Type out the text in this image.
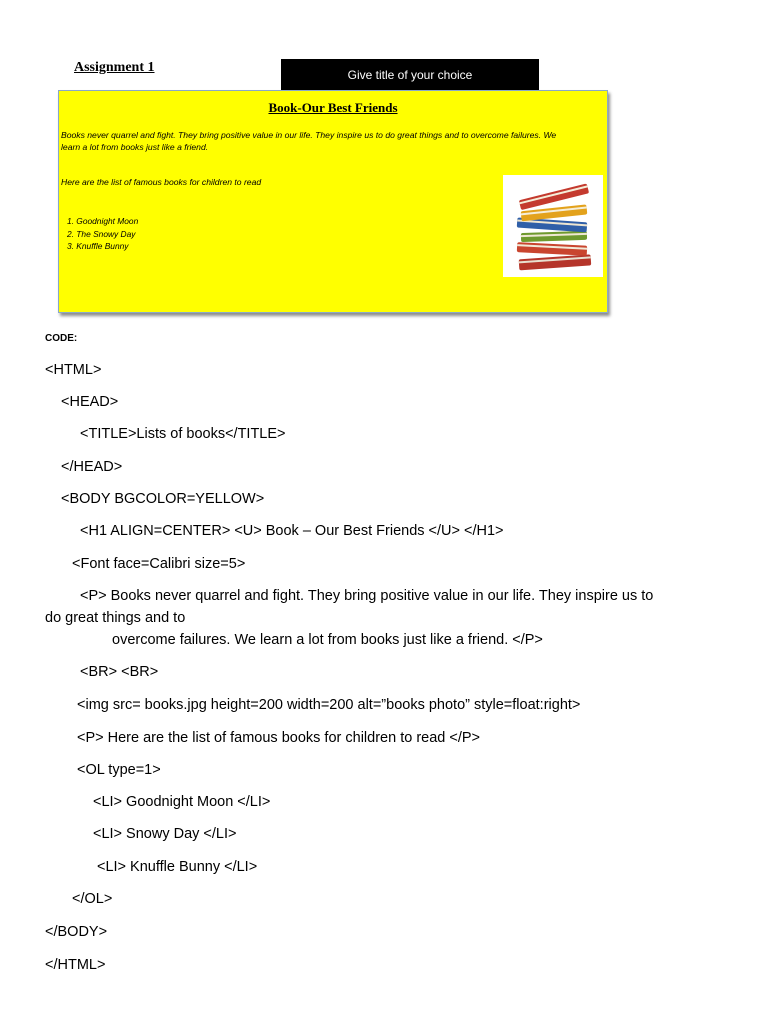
Assignment 1	Give title of your choice
Book-Our Best Friends
Books never quarrel and fight. They bring positive value in our life. They inspire us to do great things and to overcome failures. We
learn a lot from books just like a friend.
Here are the list of famous books for children to read
1. Goodnight Moon
2. The Snowy Day
3. Knuffle Bunny
CODE:
<HTML>
<HEAD>
<TITLE>Lists of books</TITLE>
</HEAD>
<BODY BGCOLOR=YELLOW>
<H1 ALIGN=CENTER> <U> Book – Our Best Friends </U> </H1>
<Font face=Calibri size=5>
<P> Books never quarrel and fight. They bring positive value in our life. They inspire us to
do great things and to
overcome failures. We learn a lot from books just like a friend. </P>
<BR> <BR>
<img src= books.jpg height=200 width=200 alt=”books photo” style=float:right>
<P> Here are the list of famous books for children to read </P>
<OL type=1>
<LI> Goodnight Moon </LI>
<LI> Snowy Day </LI>
<LI> Knuffle Bunny </LI>
</OL>
</BODY>
</HTML>
